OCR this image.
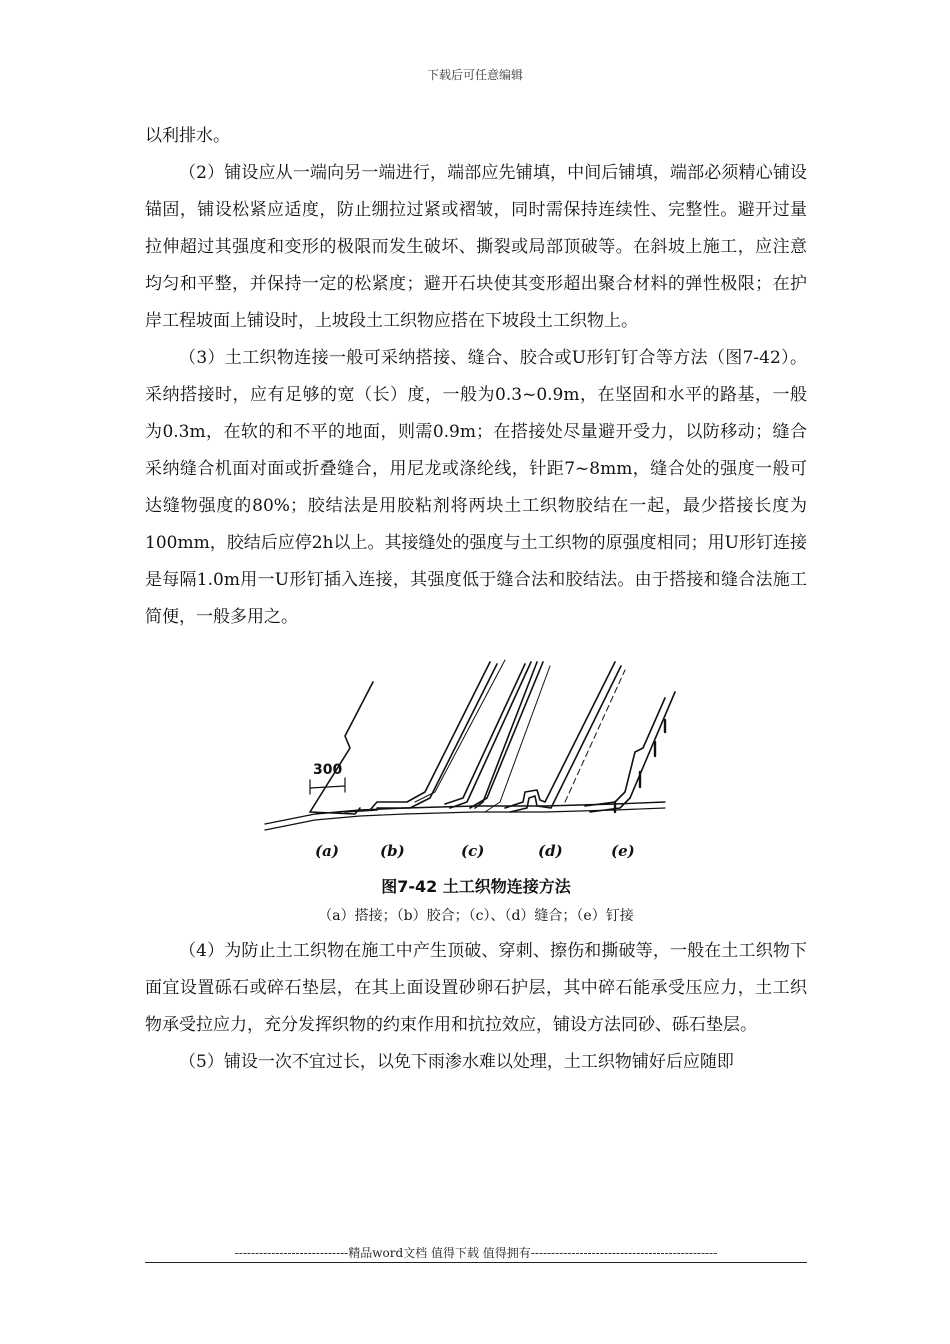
下载后可任意编辑

以利排水。

（2）铺设应从一端向另一端进行，端部应先铺填，中间后铺填，端部必须精心铺设锚固，铺设松紧应适度，防止绷拉过紧或褶皱，同时需保持连续性、完整性。避开过量拉伸超过其强度和变形的极限而发生破坏、撕裂或局部顶破等。在斜坡上施工，应注意均匀和平整，并保持一定的松紧度；避开石块使其变形超出聚合材料的弹性极限；在护岸工程坡面上铺设时，上坡段土工织物应搭在下坡段土工织物上。

（3）土工织物连接一般可采纳搭接、缝合、胶合或U形钉钉合等方法（图7-42）。采纳搭接时，应有足够的宽（长）度，一般为0.3~0.9m，在坚固和水平的路基，一般为0.3m，在软的和不平的地面，则需0.9m；在搭接处尽量避开受力，以防移动；缝合采纳缝合机面对面或折叠缝合，用尼龙或涤纶线，针距7~8mm，缝合处的强度一般可达缝物强度的80%；胶结法是用胶粘剂将两块土工织物胶结在一起，最少搭接长度为100mm，胶结后应停2h以上。其接缝处的强度与土工织物的原强度相同；用U形钉连接是每隔1.0m用一U形钉插入连接，其强度低于缝合法和胶结法。由于搭接和缝合法施工简便，一般多用之。

300
(a)	(b)	(c)	(d)	(e)

图7-42 土工织物连接方法

（a）搭接；（b）胶合；（c）、（d）缝合；（e）钉接

（4）为防止土工织物在施工中产生顶破、穿刺、擦伤和撕破等，一般在土工织物下面宜设置砾石或碎石垫层，在其上面设置砂卵石护层，其中碎石能承受压应力，土工织物承受拉应力，充分发挥织物的约束作用和抗拉效应，铺设方法同砂、砾石垫层。

（5）铺设一次不宜过长，以免下雨渗水难以处理，土工织物铺好后应随即

----------------------------精品word文档 值得下载 值得拥有----------------------------------------------
